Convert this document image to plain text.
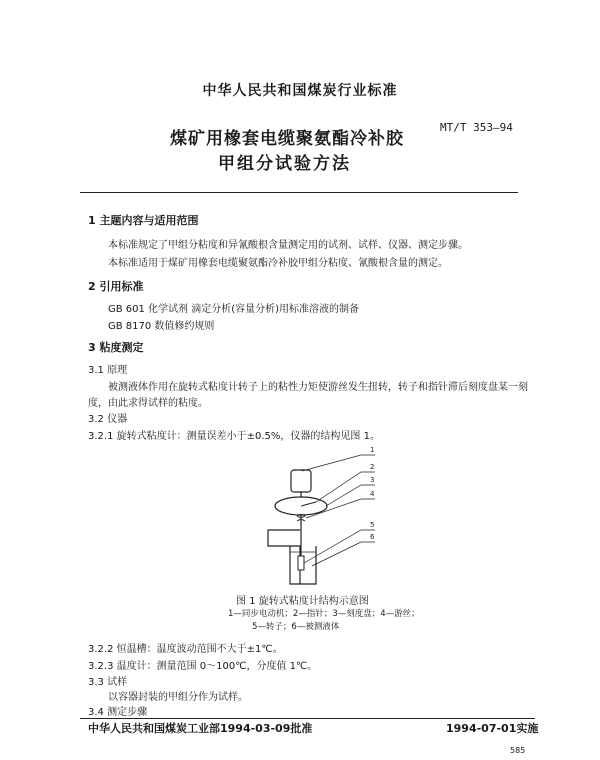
中华人民共和国煤炭行业标准
煤矿用橡套电缆聚氨酯冷补胶
甲组分试验方法
MT/T 353—94
1 主题内容与适用范围
本标准规定了甲组分粘度和异氰酸根含量测定用的试剂、试样、仪器、测定步骤。
本标准适用于煤矿用橡套电缆聚氨酯冷补胶甲组分粘度、氰酸根含量的测定。
2 引用标准
GB 601 化学试剂 滴定分析(容量分析)用标准溶液的制备
GB 8170 数值修约规则
3 粘度测定
3.1 原理
被测液体作用在旋转式粘度计转子上的粘性力矩使游丝发生扭转，转子和指针滞后刻度盘某一刻
度，由此求得试样的粘度。
3.2 仪器
3.2.1 旋转式粘度计：测量误差小于±0.5%，仪器的结构见图 1。
1
2
3
4
5
6
图 1 旋转式粘度计结构示意图
1—同步电动机；2—指针；3—刻度盘；4—游丝；
5—转子；6—被测液体
3.2.2 恒温槽：温度波动范围不大于±1℃。
3.2.3 温度计：测量范围 0～100℃，分度值 1℃。
3.3 试样
以容器封装的甲组分作为试样。
3.4 测定步骤
中华人民共和国煤炭工业部1994-03-09批准	1994-07-01实施
585
